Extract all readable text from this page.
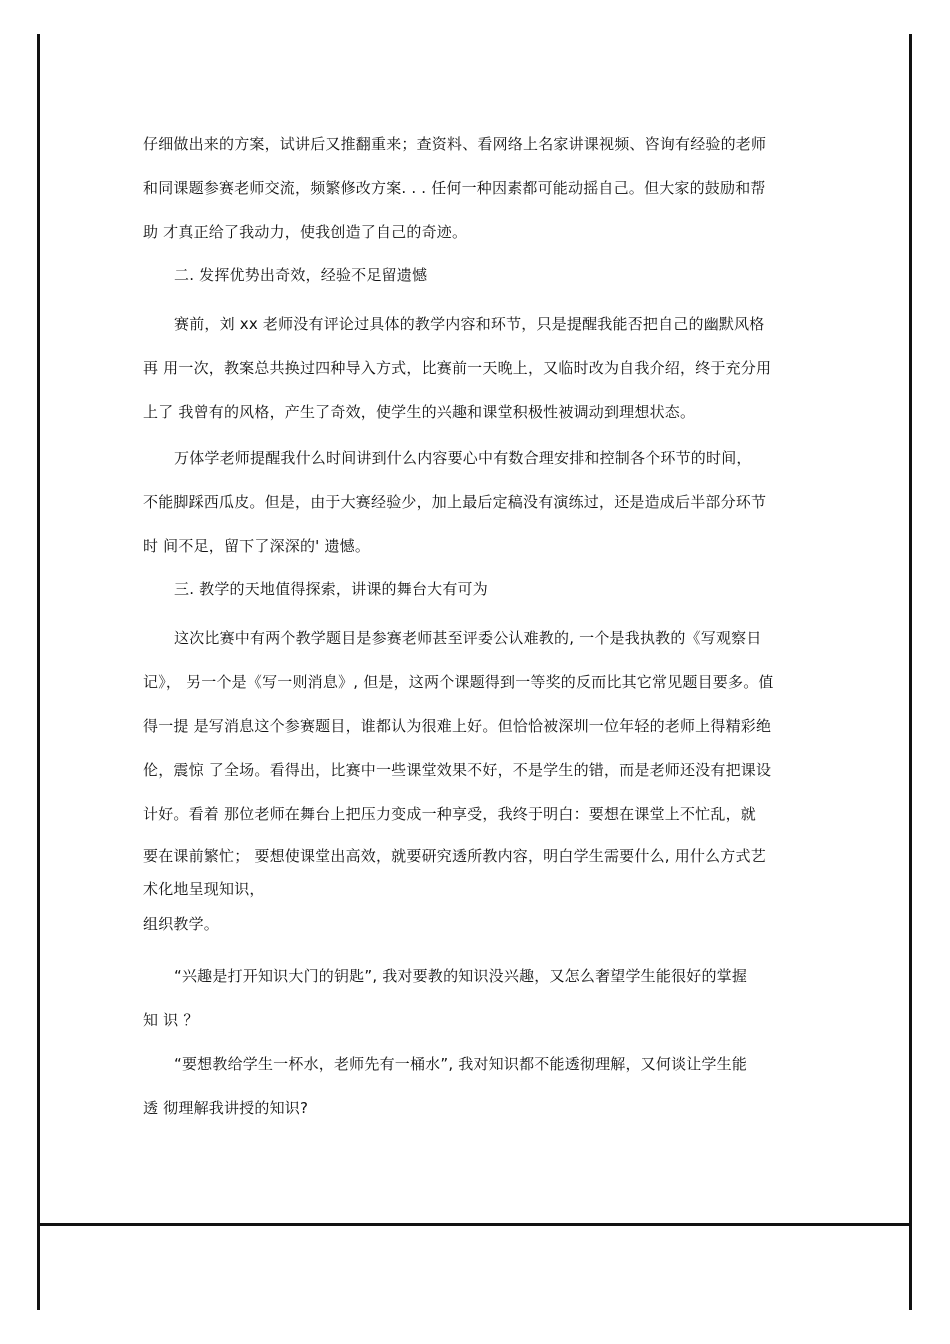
仔细做出来的方案，试讲后又推翻重来；查资料、看网络上名家讲课视频、咨询有经验的老师
和同课题参赛老师交流，频繁修改方案. . . 任何一种因素都可能动摇自己。但大家的鼓励和帮
助 才真正给了我动力，使我创造了自己的奇迹。
二. 发挥优势出奇效，经验不足留遗憾
赛前，刘 xx 老师没有评论过具体的教学内容和环节，只是提醒我能否把自己的幽默风格
再 用一次，教案总共换过四种导入方式，比赛前一天晚上，又临时改为自我介绍，终于充分用
上了 我曾有的风格，产生了奇效，使学生的兴趣和课堂积极性被调动到理想状态。
万体学老师提醒我什么时间讲到什么内容要心中有数合理安排和控制各个环节的时间，
不能脚踩西瓜皮。但是，由于大赛经验少，加上最后定稿没有演练过，还是造成后半部分环节
时 间不足，留下了深深的' 遗憾。
三. 教学的天地值得探索，讲课的舞台大有可为
这次比赛中有两个教学题目是参赛老师甚至评委公认难教的, 一个是我执教的《写观察日
记》， 另一个是《写一则消息》, 但是，这两个课题得到一等奖的反而比其它常见题目要多。值
得一提 是写消息这个参赛题目，谁都认为很难上好。但恰恰被深圳一位年轻的老师上得精彩绝
伦，震惊 了全场。看得出，比赛中一些课堂效果不好，不是学生的错，而是老师还没有把课设
计好。看着 那位老师在舞台上把压力变成一种享受，我终于明白：要想在课堂上不忙乱，就
要在课前繁忙； 要想使课堂出高效，就要研究透所教内容，明白学生需要什么, 用什么方式艺
术化地呈现知识，
组织教学。
“兴趣是打开知识大门的钥匙”, 我对要教的知识没兴趣，又怎么奢望学生能很好的掌握
知 识 ？
“要想教给学生一杯水，老师先有一桶水”, 我对知识都不能透彻理解，又何谈让学生能
透 彻理解我讲授的知识?
